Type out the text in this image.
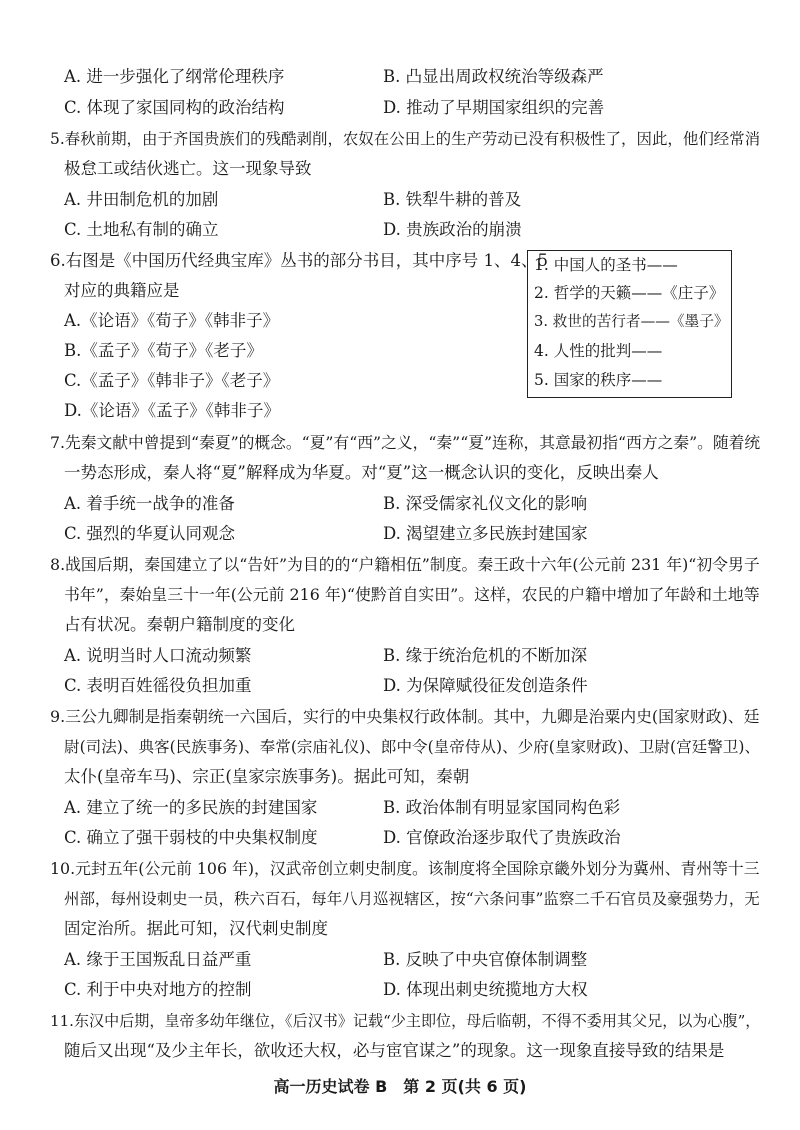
A. 进一步强化了纲常伦理秩序	B. 凸显出周政权统治等级森严
C. 体现了家国同构的政治结构	D. 推动了早期国家组织的完善
5.春秋前期，由于齐国贵族们的残酷剥削，农奴在公田上的生产劳动已没有积极性了，因此，他们经常消
极怠工或结伙逃亡。这一现象导致
A. 井田制危机的加剧	B. 铁犁牛耕的普及
C. 土地私有制的确立	D. 贵族政治的崩溃
6.右图是《中国历代经典宝库》丛书的部分书目，其中序号 1、4、5
对应的典籍应是
A.《论语》《荀子》《韩非子》
B.《孟子》《荀子》《老子》
C.《孟子》《韩非子》《老子》
D.《论语》《孟子》《韩非子》
1. 中国人的圣书——
2. 哲学的天籁——《庄子》
3. 救世的苦行者——《墨子》
4. 人性的批判——
5. 国家的秩序——
7.先秦文献中曾提到“秦夏”的概念。“夏”有“西”之义，“秦”“夏”连称，其意最初指“西方之秦”。随着统
一势态形成，秦人将“夏”解释成为华夏。对“夏”这一概念认识的变化，反映出秦人
A. 着手统一战争的准备	B. 深受儒家礼仪文化的影响
C. 强烈的华夏认同观念	D. 渴望建立多民族封建国家
8.战国后期，秦国建立了以“告奸”为目的的“户籍相伍”制度。秦王政十六年(公元前 231 年)“初令男子
书年”，秦始皇三十一年(公元前 216 年)“使黔首自实田”。这样，农民的户籍中增加了年龄和土地等
占有状况。秦朝户籍制度的变化
A. 说明当时人口流动频繁	B. 缘于统治危机的不断加深
C. 表明百姓徭役负担加重	D. 为保障赋役征发创造条件
9.三公九卿制是指秦朝统一六国后，实行的中央集权行政体制。其中，九卿是治粟内史(国家财政)、廷
尉(司法)、典客(民族事务)、奉常(宗庙礼仪)、郎中令(皇帝侍从)、少府(皇家财政)、卫尉(宫廷警卫)、
太仆(皇帝车马)、宗正(皇家宗族事务)。据此可知，秦朝
A. 建立了统一的多民族的封建国家	B. 政治体制有明显家国同构色彩
C. 确立了强干弱枝的中央集权制度	D. 官僚政治逐步取代了贵族政治
10.元封五年(公元前 106 年)，汉武帝创立刺史制度。该制度将全国除京畿外划分为冀州、青州等十三
州部，每州设刺史一员，秩六百石，每年八月巡视辖区，按“六条问事”监察二千石官员及豪强势力，无
固定治所。据此可知，汉代刺史制度
A. 缘于王国叛乱日益严重	B. 反映了中央官僚体制调整
C. 利于中央对地方的控制	D. 体现出刺史统揽地方大权
11.东汉中后期，皇帝多幼年继位，《后汉书》记载“少主即位，母后临朝，不得不委用其父兄，以为心腹”，
随后又出现“及少主年长，欲收还大权，必与宦官谋之”的现象。这一现象直接导致的结果是
高一历史试卷 B　第 2 页(共 6 页)
